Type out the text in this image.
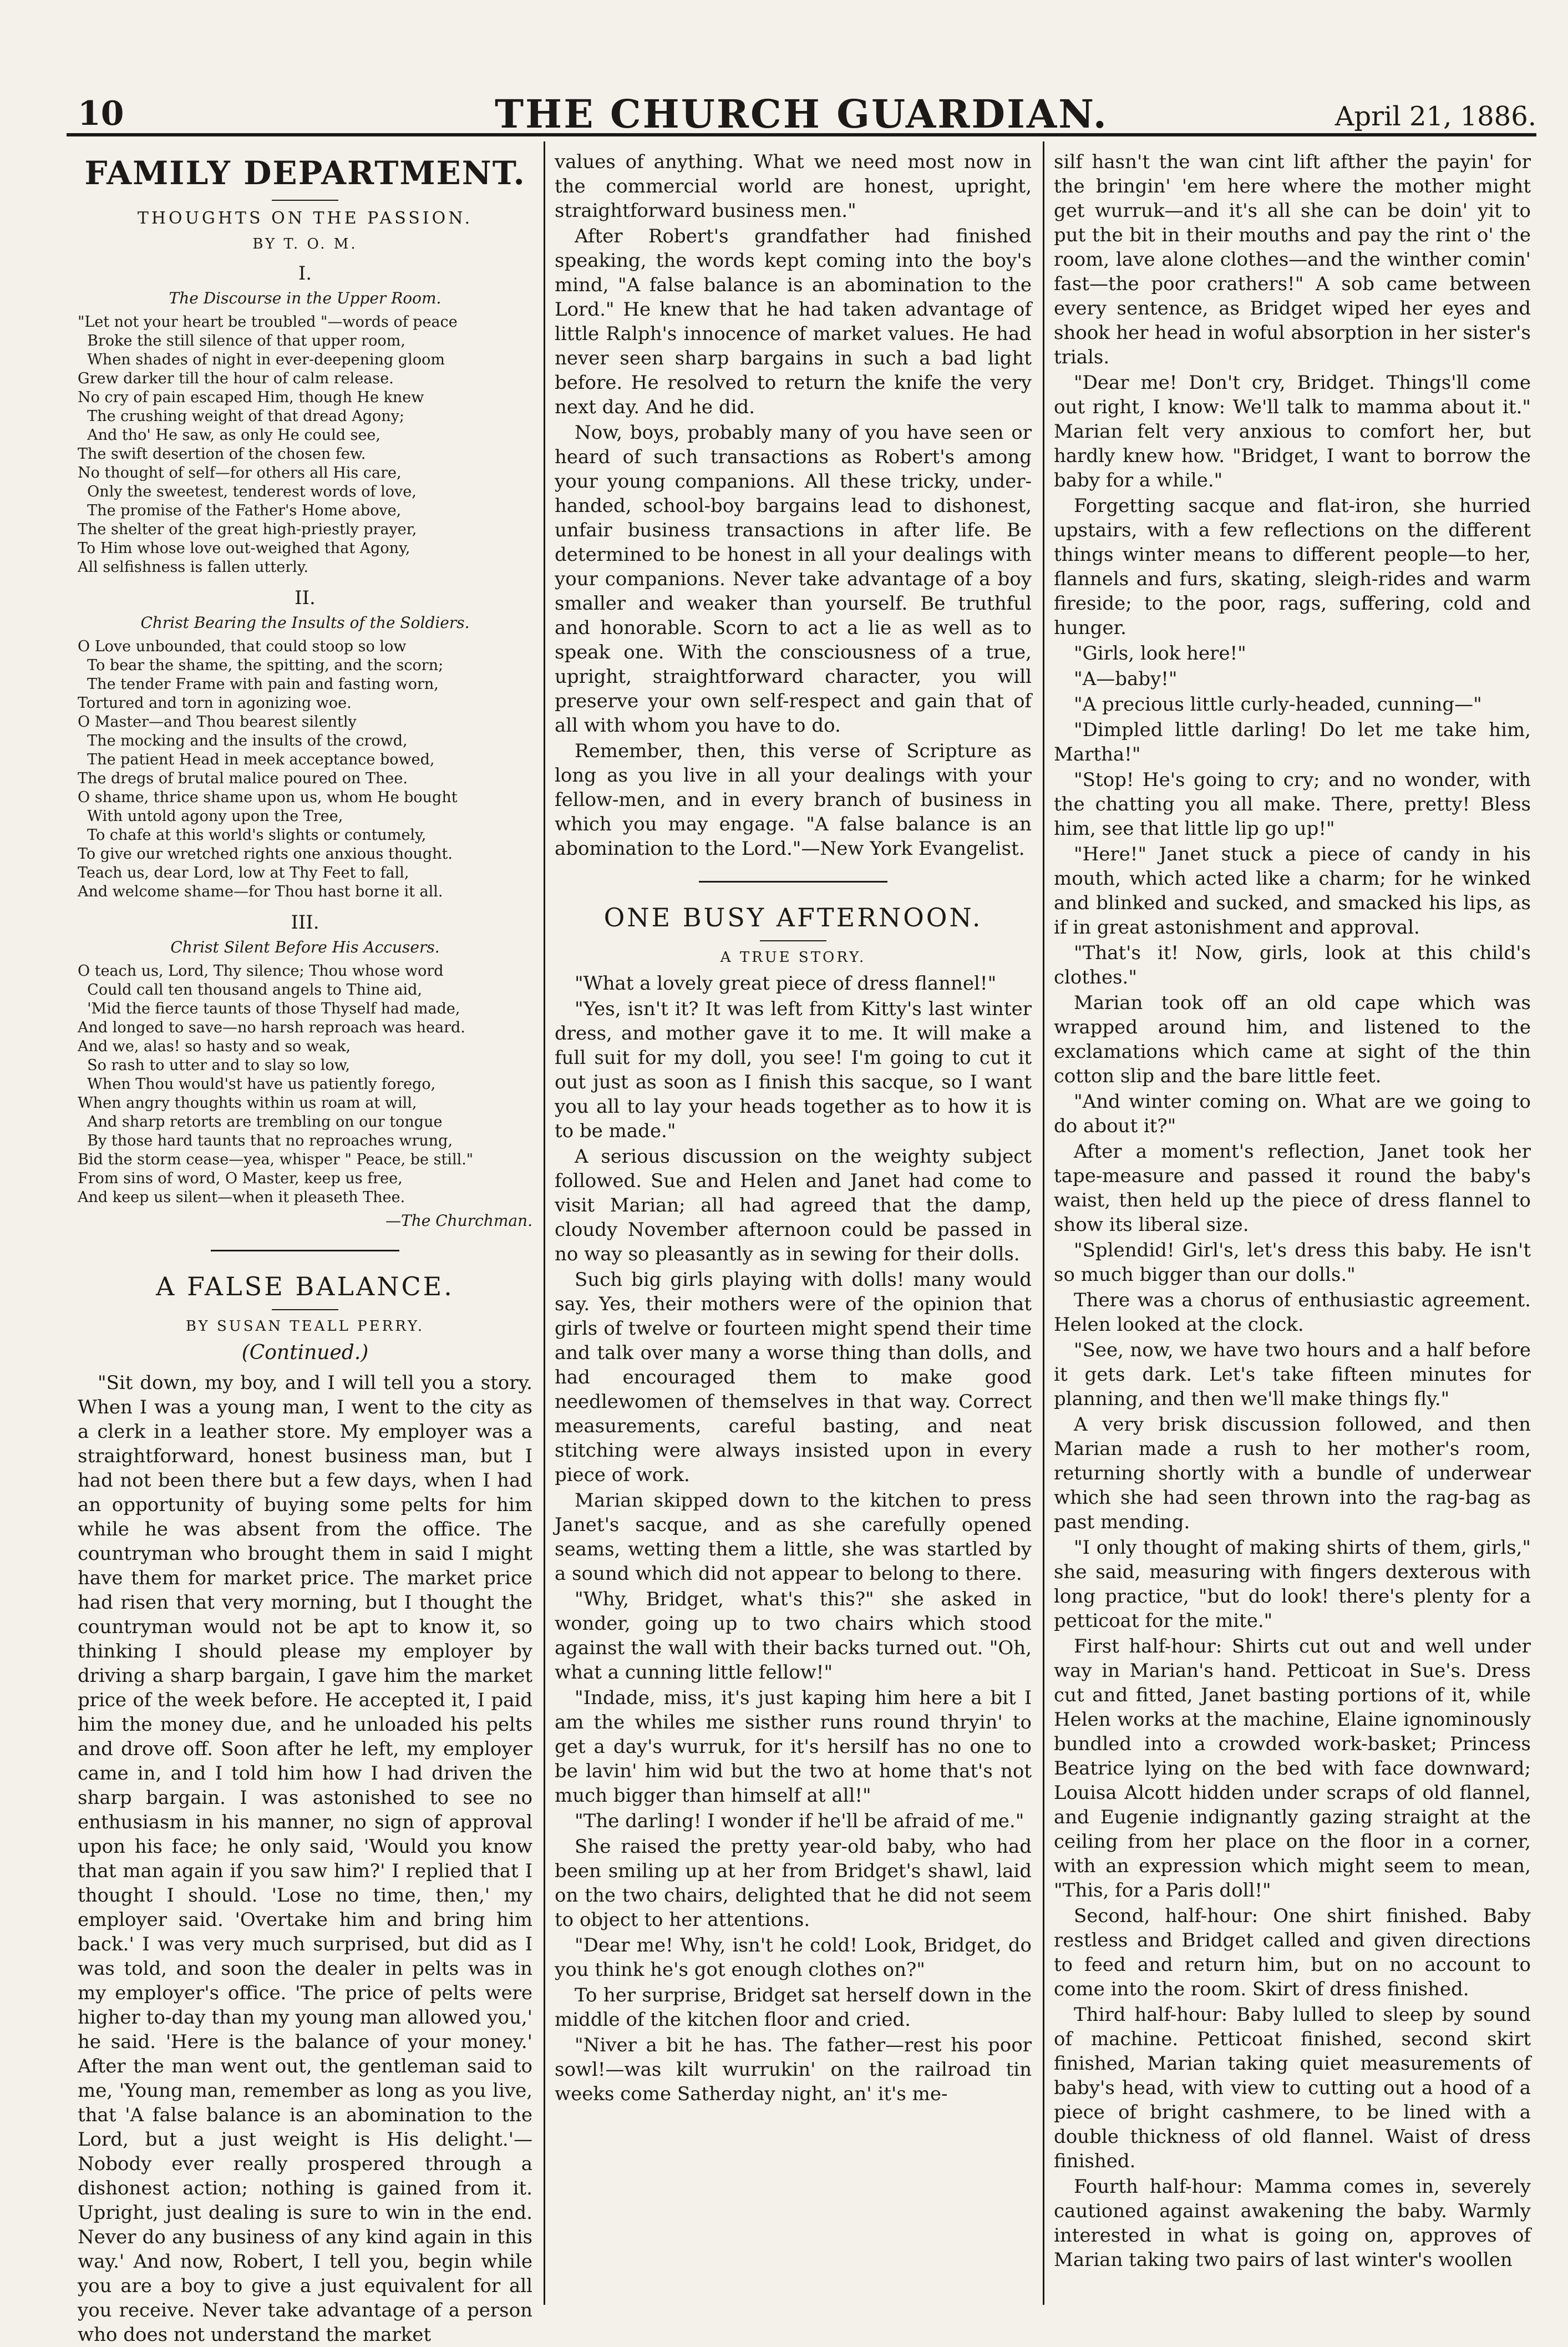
10	THE CHURCH GUARDIAN.	April 21, 1886.
FAMILY DEPARTMENT.
THOUGHTS ON THE PASSION.
BY T. O. M.
I.
The Discourse in the Upper Room.
"Let not your heart be troubled "—words of peace
Broke the still silence of that upper room,
When shades of night in ever-deepening gloom
Grew darker till the hour of calm release.
No cry of pain escaped Him, though He knew
The crushing weight of that dread Agony;
And tho' He saw, as only He could see,
The swift desertion of the chosen few.
No thought of self—for others all His care,
Only the sweetest, tenderest words of love,
The promise of the Father's Home above,
The shelter of the great high-priestly prayer,
To Him whose love out-weighed that Agony,
All selfishness is fallen utterly.
II.
Christ Bearing the Insults of the Soldiers.
O Love unbounded, that could stoop so low
To bear the shame, the spitting, and the scorn;
The tender Frame with pain and fasting worn,
Tortured and torn in agonizing woe.
O Master—and Thou bearest silently
The mocking and the insults of the crowd,
The patient Head in meek acceptance bowed,
The dregs of brutal malice poured on Thee.
O shame, thrice shame upon us, whom He bought
With untold agony upon the Tree,
To chafe at this world's slights or contumely,
To give our wretched rights one anxious thought.
Teach us, dear Lord, low at Thy Feet to fall,
And welcome shame—for Thou hast borne it all.
III.
Christ Silent Before His Accusers.
O teach us, Lord, Thy silence; Thou whose word
Could call ten thousand angels to Thine aid,
'Mid the fierce taunts of those Thyself had made,
And longed to save—no harsh reproach was heard.
And we, alas! so hasty and so weak,
So rash to utter and to slay so low,
When Thou would'st have us patiently forego,
When angry thoughts within us roam at will,
And sharp retorts are trembling on our tongue
By those hard taunts that no reproaches wrung,
Bid the storm cease—yea, whisper " Peace, be still."
From sins of word, O Master, keep us free,
And keep us silent—when it pleaseth Thee.
—The Churchman.
A FALSE BALANCE.
BY SUSAN TEALL PERRY.
(Continued.)

"Sit down, my boy, and I will tell you a story. When I was a young man, I went to the city as a clerk in a leather store. My employer was a straightforward, honest business man, but I had not been there but a few days, when I had an opportunity of buying some pelts for him while he was absent from the office. The countryman who brought them in said I might have them for market price. The market price had risen that very morning, but I thought the countryman would not be apt to know it, so thinking I should please my employer by driving a sharp bargain, I gave him the market price of the week before. He accepted it, I paid him the money due, and he unloaded his pelts and drove off. Soon after he left, my employer came in, and I told him how I had driven the sharp bargain. I was astonished to see no enthusiasm in his manner, no sign of approval upon his face; he only said, 'Would you know that man again if you saw him?' I replied that I thought I should. 'Lose no time, then,' my employer said. 'Overtake him and bring him back.' I was very much surprised, but did as I was told, and soon the dealer in pelts was in my employer's office. 'The price of pelts were higher to-day than my young man allowed you,' he said. 'Here is the balance of your money.' After the man went out, the gentleman said to me, 'Young man, remember as long as you live, that 'A false balance is an abomination to the Lord, but a just weight is His delight.'—Nobody ever really prospered through a dishonest action; nothing is gained from it. Upright, just dealing is sure to win in the end. Never do any business of any kind again in this way.' And now, Robert, I tell you, begin while you are a boy to give a just equivalent for all you receive. Never take advantage of a person who does not understand the market

values of anything. What we need most now in the commercial world are honest, upright, straightforward business men."

After Robert's grandfather had finished speaking, the words kept coming into the boy's mind, "A false balance is an abomination to the Lord." He knew that he had taken advantage of little Ralph's innocence of market values. He had never seen sharp bargains in such a bad light before. He resolved to return the knife the very next day. And he did.

Now, boys, probably many of you have seen or heard of such transactions as Robert's among your young companions. All these tricky, under-handed, school-boy bargains lead to dishonest, unfair business transactions in after life. Be determined to be honest in all your dealings with your companions. Never take advantage of a boy smaller and weaker than yourself. Be truthful and honorable. Scorn to act a lie as well as to speak one. With the consciousness of a true, upright, straightforward character, you will preserve your own self-respect and gain that of all with whom you have to do.

Remember, then, this verse of Scripture as long as you live in all your dealings with your fellow-men, and in every branch of business in which you may engage. "A false balance is an abomination to the Lord."—New York Evangelist.

ONE BUSY AFTERNOON.
A TRUE STORY.

"What a lovely great piece of dress flannel!"

"Yes, isn't it? It was left from Kitty's last winter dress, and mother gave it to me. It will make a full suit for my doll, you see! I'm going to cut it out just as soon as I finish this sacque, so I want you all to lay your heads together as to how it is to be made."

A serious discussion on the weighty subject followed. Sue and Helen and Janet had come to visit Marian; all had agreed that the damp, cloudy November afternoon could be passed in no way so pleasantly as in sewing for their dolls.

Such big girls playing with dolls! many would say. Yes, their mothers were of the opinion that girls of twelve or fourteen might spend their time and talk over many a worse thing than dolls, and had encouraged them to make good needlewomen of themselves in that way. Correct measurements, careful basting, and neat stitching were always insisted upon in every piece of work.

Marian skipped down to the kitchen to press Janet's sacque, and as she carefully opened seams, wetting them a little, she was startled by a sound which did not appear to belong to there.

"Why, Bridget, what's this?" she asked in wonder, going up to two chairs which stood against the wall with their backs turned out. "Oh, what a cunning little fellow!"

"Indade, miss, it's just kaping him here a bit I am the whiles me sisther runs round thryin' to get a day's wurruk, for it's hersilf has no one to be lavin' him wid but the two at home that's not much bigger than himself at all!"

"The darling! I wonder if he'll be afraid of me."

She raised the pretty year-old baby, who had been smiling up at her from Bridget's shawl, laid on the two chairs, delighted that he did not seem to object to her attentions.

"Dear me! Why, isn't he cold! Look, Bridget, do you think he's got enough clothes on?"

To her surprise, Bridget sat herself down in the middle of the kitchen floor and cried.

"Niver a bit he has. The father—rest his poor sowl!—was kilt wurrukin' on the railroad tin weeks come Satherday night, an' it's me-

silf hasn't the wan cint lift afther the payin' for the bringin' 'em here where the mother might get wurruk—and it's all she can be doin' yit to put the bit in their mouths and pay the rint o' the room, lave alone clothes—and the winther comin' fast—the poor crathers!" A sob came between every sentence, as Bridget wiped her eyes and shook her head in woful absorption in her sister's trials.

"Dear me! Don't cry, Bridget. Things'll come out right, I know: We'll talk to mamma about it." Marian felt very anxious to comfort her, but hardly knew how. "Bridget, I want to borrow the baby for a while."

Forgetting sacque and flat-iron, she hurried upstairs, with a few reflections on the different things winter means to different people—to her, flannels and furs, skating, sleigh-rides and warm fireside; to the poor, rags, suffering, cold and hunger.

"Girls, look here!"

"A—baby!"

"A precious little curly-headed, cunning—"

"Dimpled little darling! Do let me take him, Martha!"

"Stop! He's going to cry; and no wonder, with the chatting you all make. There, pretty! Bless him, see that little lip go up!"

"Here!" Janet stuck a piece of candy in his mouth, which acted like a charm; for he winked and blinked and sucked, and smacked his lips, as if in great astonishment and approval.

"That's it! Now, girls, look at this child's clothes."

Marian took off an old cape which was wrapped around him, and listened to the exclamations which came at sight of the thin cotton slip and the bare little feet.

"And winter coming on. What are we going to do about it?"

After a moment's reflection, Janet took her tape-measure and passed it round the baby's waist, then held up the piece of dress flannel to show its liberal size.

"Splendid! Girl's, let's dress this baby. He isn't so much bigger than our dolls."

There was a chorus of enthusiastic agreement. Helen looked at the clock.

"See, now, we have two hours and a half before it gets dark. Let's take fifteen minutes for planning, and then we'll make things fly."

A very brisk discussion followed, and then Marian made a rush to her mother's room, returning shortly with a bundle of underwear which she had seen thrown into the rag-bag as past mending.

"I only thought of making shirts of them, girls," she said, measuring with fingers dexterous with long practice, "but do look! there's plenty for a petticoat for the mite."

First half-hour: Shirts cut out and well under way in Marian's hand. Petticoat in Sue's. Dress cut and fitted, Janet basting portions of it, while Helen works at the machine, Elaine ignominously bundled into a crowded work-basket; Princess Beatrice lying on the bed with face downward; Louisa Alcott hidden under scraps of old flannel, and Eugenie indignantly gazing straight at the ceiling from her place on the floor in a corner, with an expression which might seem to mean, "This, for a Paris doll!"

Second, half-hour: One shirt finished. Baby restless and Bridget called and given directions to feed and return him, but on no account to come into the room. Skirt of dress finished.

Third half-hour: Baby lulled to sleep by sound of machine. Petticoat finished, second skirt finished, Marian taking quiet measurements of baby's head, with view to cutting out a hood of a piece of bright cashmere, to be lined with a double thickness of old flannel. Waist of dress finished.

Fourth half-hour: Mamma comes in, severely cautioned against awakening the baby. Warmly interested in what is going on, approves of Marian taking two pairs of last winter's woollen
